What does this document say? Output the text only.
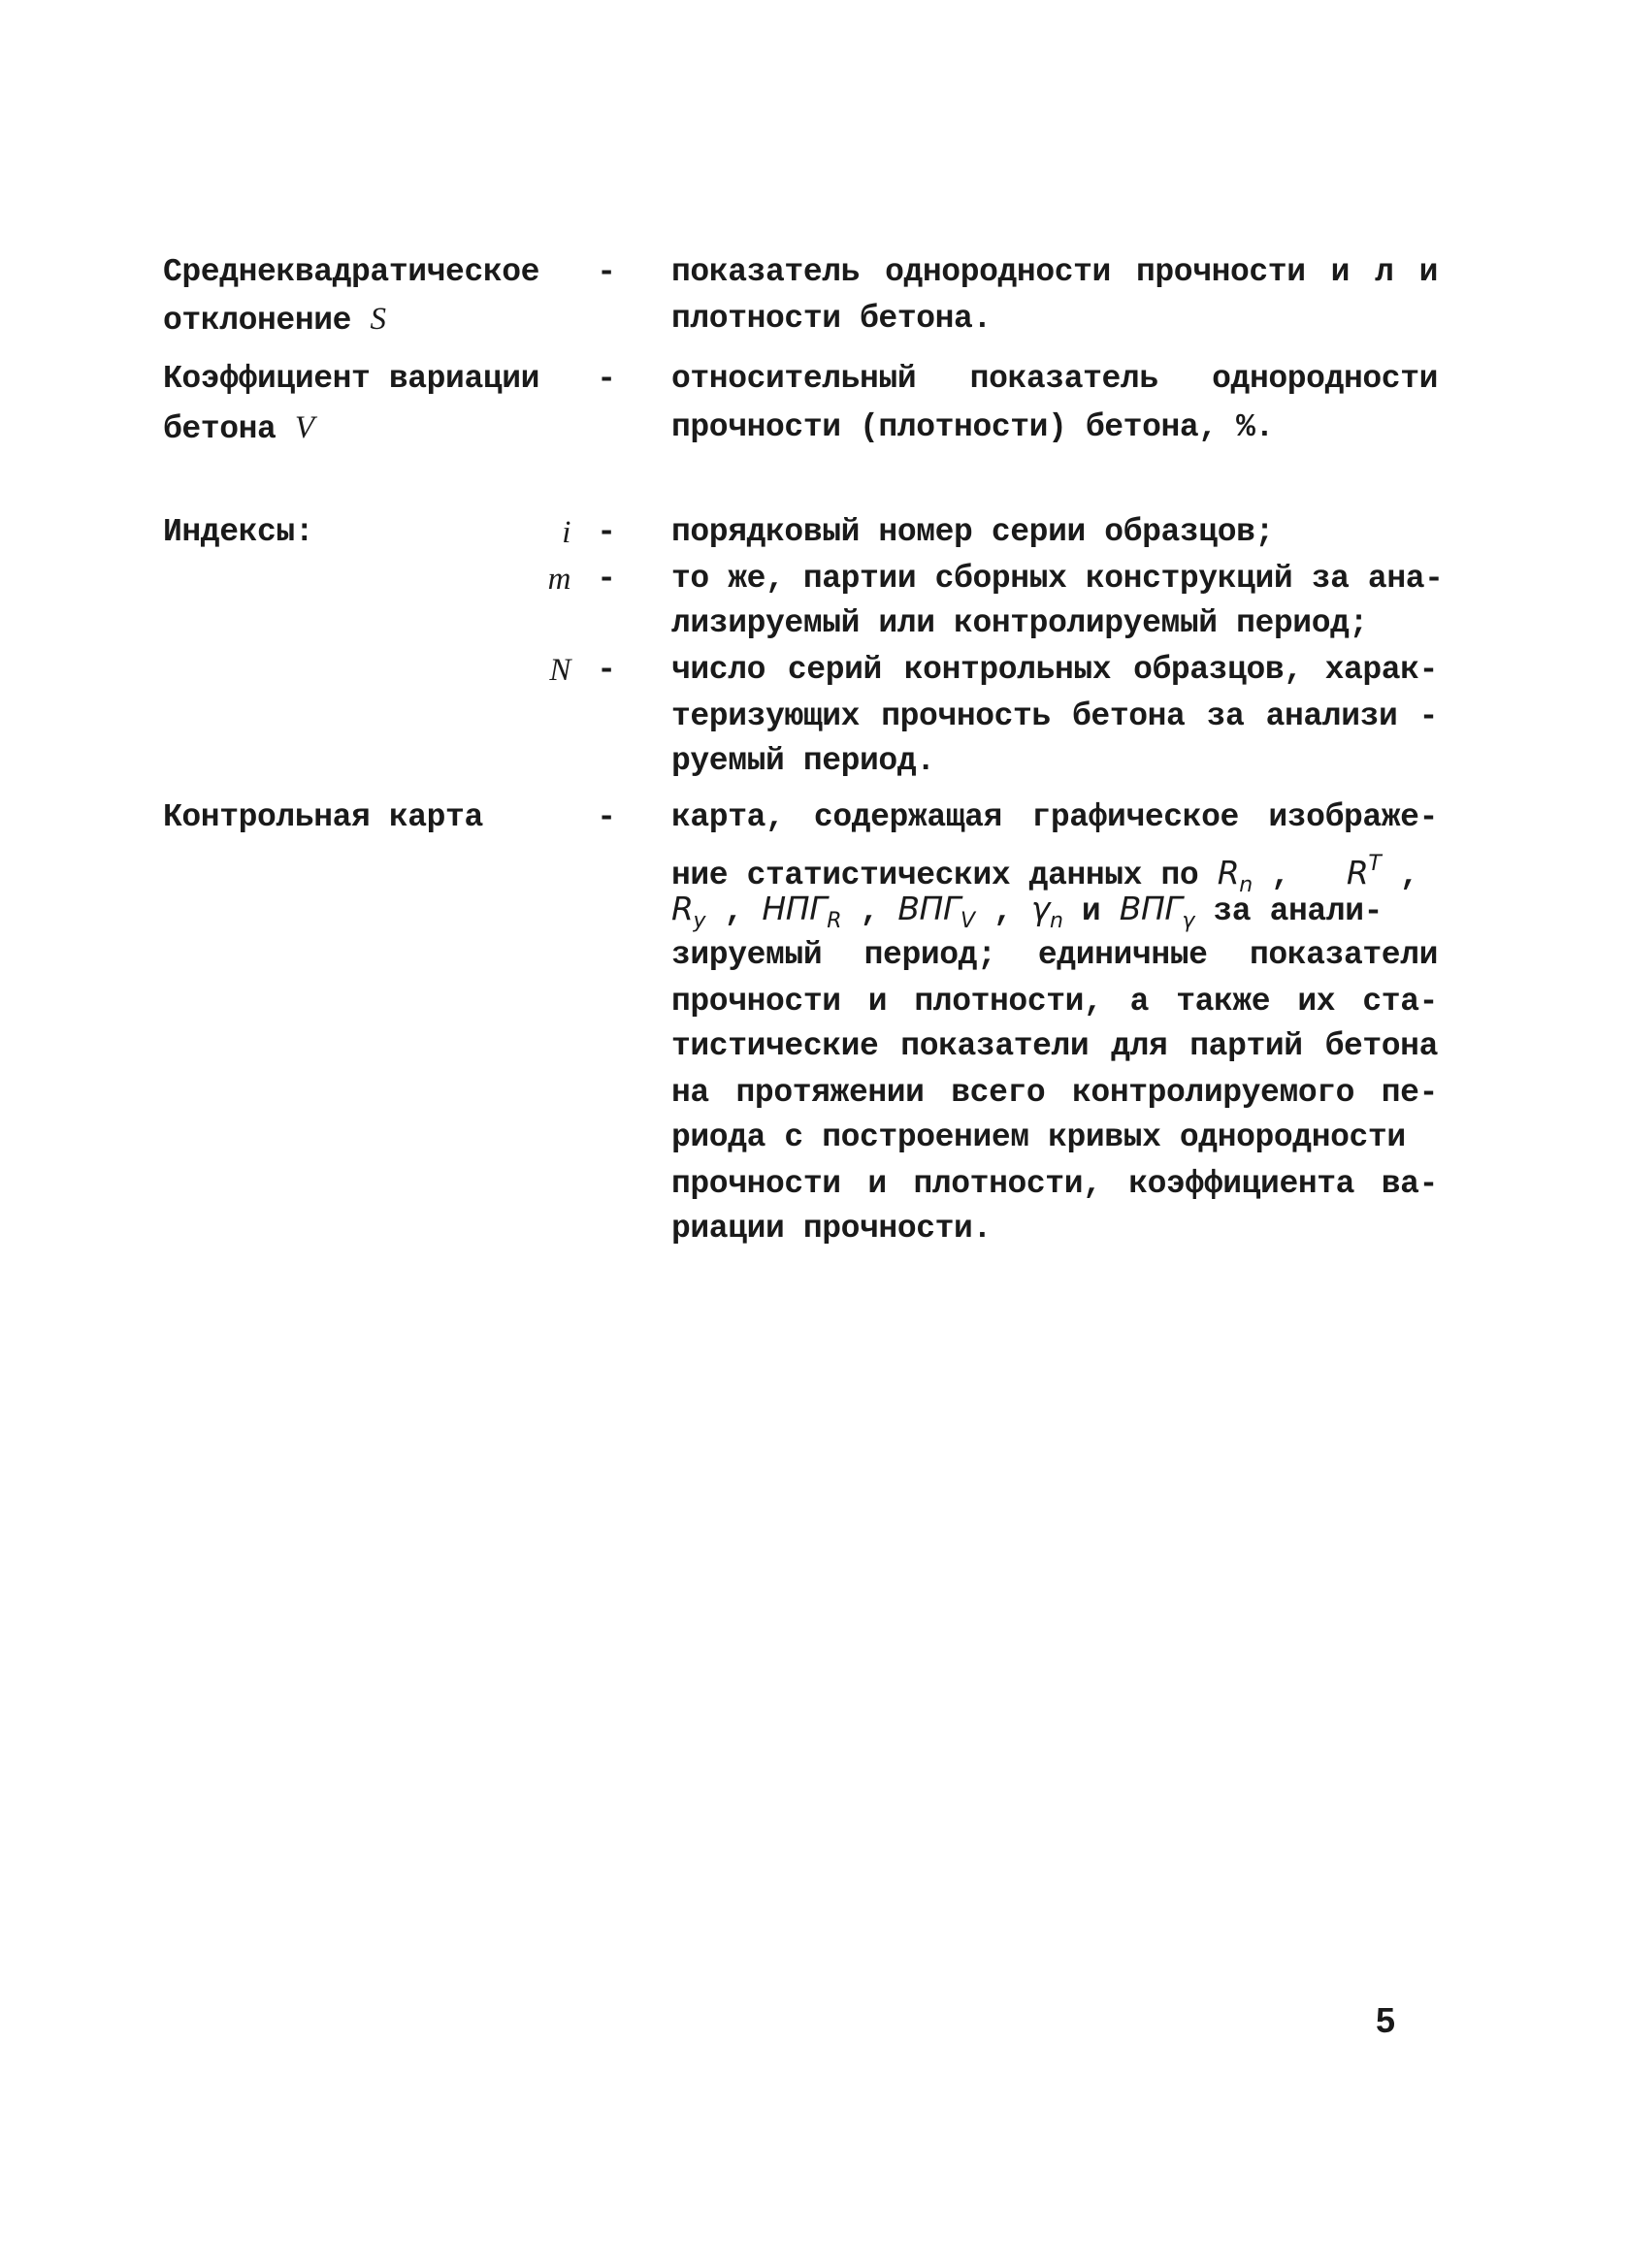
Среднеквадратическое
отклонение S
- показатель однородности прочности и л и
плотности бетона.
Коэффициент вариации
бетона V
- относительный показатель однородности
прочности (плотности) бетона, %.
Индексы:	i - порядковый номер серии образцов;
m - то же, партии сборных конструкций за ана-
лизируемый или контролируемый период;
N - число серий контрольных образцов, харак-
теризующих прочность бетона за анализи -
руемый период.
Контрольная карта	- карта, содержащая графическое изображе-
ние статистических данных по $R_n$ ,   $R^T$ ,
$R_y$ , $НПГ_R$ , $ВПГ_V$ , $\gamma_n$ и $ВПГ_\gamma$ за анали-
зируемый период; единичные показатели
прочности и плотности, а также их ста-
тистические показатели для партий бетона
на протяжении всего контролируемого пе-
риода с построением кривых однородности
прочности и плотности, коэффициента ва-
риации прочности.
5
